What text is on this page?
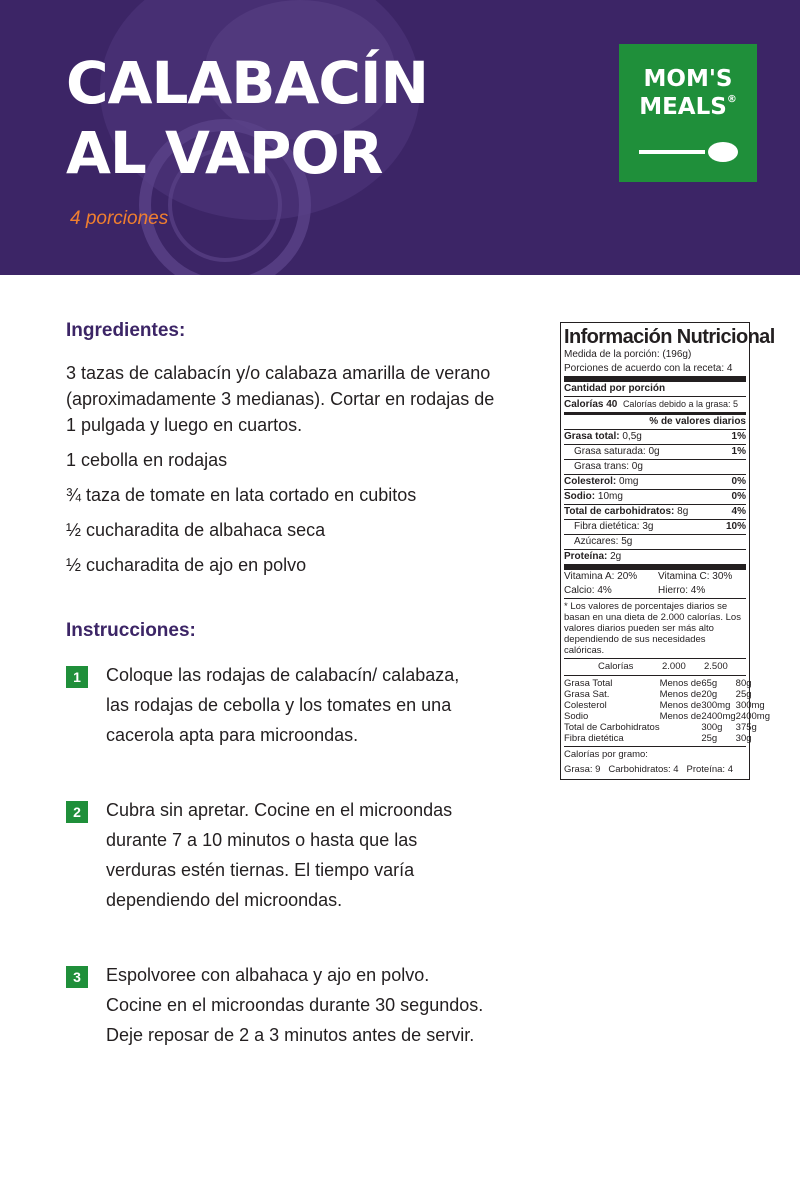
CALABACÍN
AL VAPOR
4 porciones
MOM'S
MEALS®
Ingredientes:
3 tazas de calabacín y/o calabaza amarilla de verano (aproximadamente 3 medianas). Cortar en rodajas de 1 pulgada y luego en cuartos.
1 cebolla en rodajas
¾ taza de tomate en lata cortado en cubitos
½ cucharadita de albahaca seca
½ cucharadita de ajo en polvo
Instrucciones:
1	Coloque las rodajas de calabacín/ calabaza, las rodajas de cebolla y los tomates en una cacerola apta para microondas.
2	Cubra sin apretar. Cocine en el microondas durante 7 a 10 minutos o hasta que las verduras estén tiernas. El tiempo varía dependiendo del microondas.
3	Espolvoree con albahaca y ajo en polvo. Cocine en el microondas durante 30 segundos. Deje reposar de 2 a 3 minutos antes de servir.
Información Nutricional
Medida de la porción: (196g)
Porciones de acuerdo con la receta: 4
Cantidad por porción
Calorías 40 Calorías debido a la grasa: 5
% de valores diarios
Grasa total: 0,5g	1%
Grasa saturada: 0g	1%
Grasa trans: 0g
Colesterol: 0mg	0%
Sodio: 10mg	0%
Total de carbohidratos: 8g	4%
Fibra dietética: 3g	10%
Azúcares: 5g
Proteína: 2g
Vitamina A: 20% Vitamina C: 30%
Calcio: 4%	Hierro: 4%
* Los valores de porcentajes diarios se basan en una dieta de 2.000 calorías. Los valores diarios pueden ser más alto dependiendo de sus necesidades calóricas.
	Calorías	2.000	2.500
Grasa Total	Menos de	65g	80g
Grasa Sat.	Menos de	20g	25g
Colesterol	Menos de	300mg	300mg
Sodio	Menos de	2400mg	2400mg
Total de Carbohidratos		300g	375g
Fibra dietética		25g	30g
Calorías por gramo:
Grasa: 9   Carbohidratos: 4   Proteína: 4
